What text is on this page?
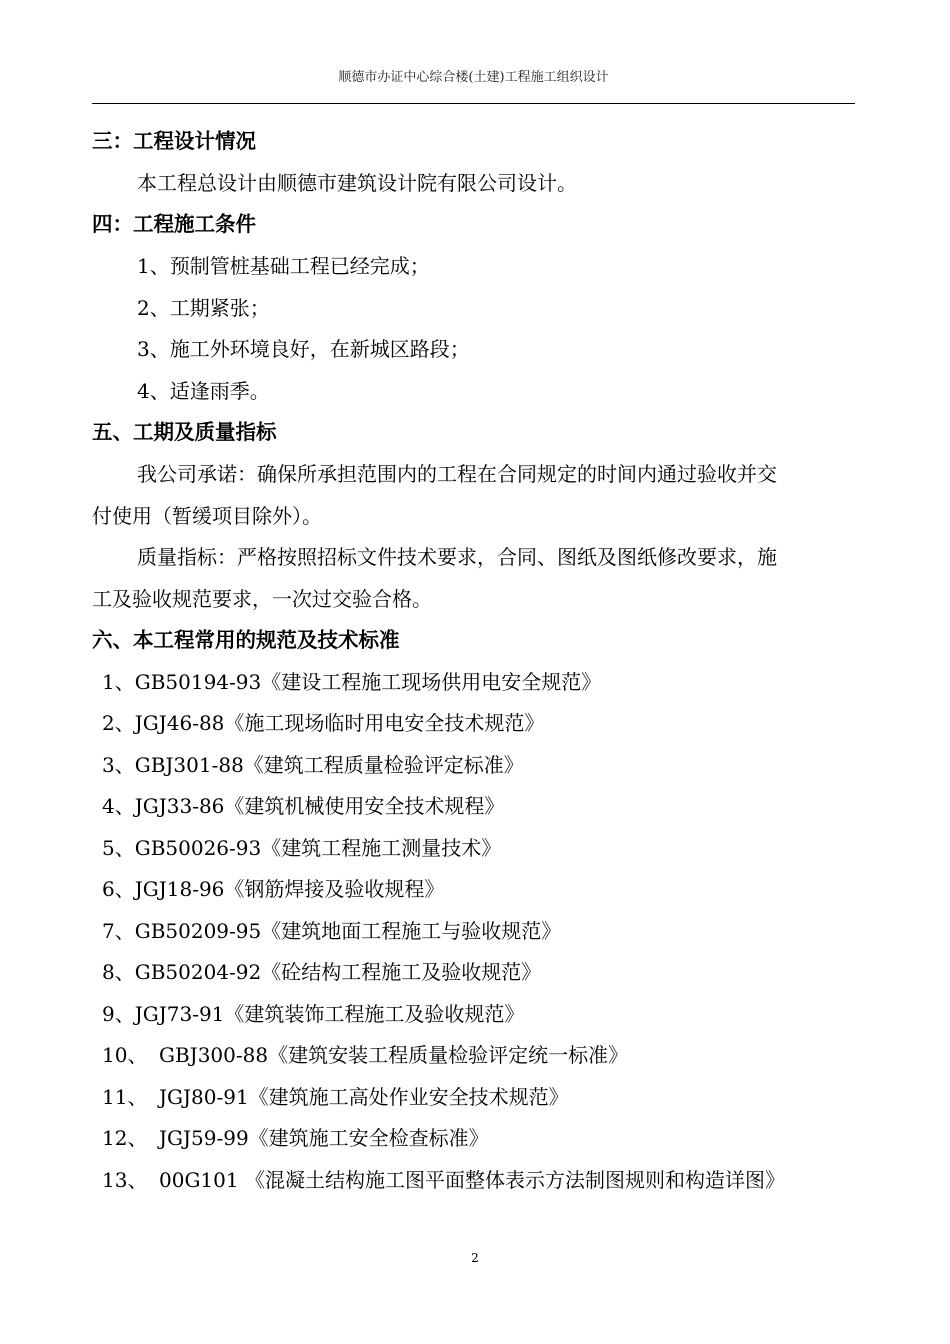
顺德市办证中心综合楼(土建)工程施工组织设计
三：工程设计情况
本工程总设计由顺德市建筑设计院有限公司设计。
四：工程施工条件
1、预制管桩基础工程已经完成；
2、工期紧张；
3、施工外环境良好，在新城区路段；
4、适逢雨季。
五、工期及质量指标
我公司承诺：确保所承担范围内的工程在合同规定的时间内通过验收并交
付使用（暂缓项目除外）。
质量指标：严格按照招标文件技术要求，合同、图纸及图纸修改要求，施
工及验收规范要求，一次过交验合格。
六、本工程常用的规范及技术标准
1、GB50194-93《建设工程施工现场供用电安全规范》
2、JGJ46-88《施工现场临时用电安全技术规范》
3、GBJ301-88《建筑工程质量检验评定标准》
4、JGJ33-86《建筑机械使用安全技术规程》
5、GB50026-93《建筑工程施工测量技术》
6、JGJ18-96《钢筋焊接及验收规程》
7、GB50209-95《建筑地面工程施工与验收规范》
8、GB50204-92《砼结构工程施工及验收规范》
9、JGJ73-91《建筑装饰工程施工及验收规范》
10、 GBJ300-88《建筑安装工程质量检验评定统一标准》
11、 JGJ80-91《建筑施工高处作业安全技术规范》
12、 JGJ59-99《建筑施工安全检查标准》
13、 00G101 《混凝土结构施工图平面整体表示方法制图规则和构造详图》
2
